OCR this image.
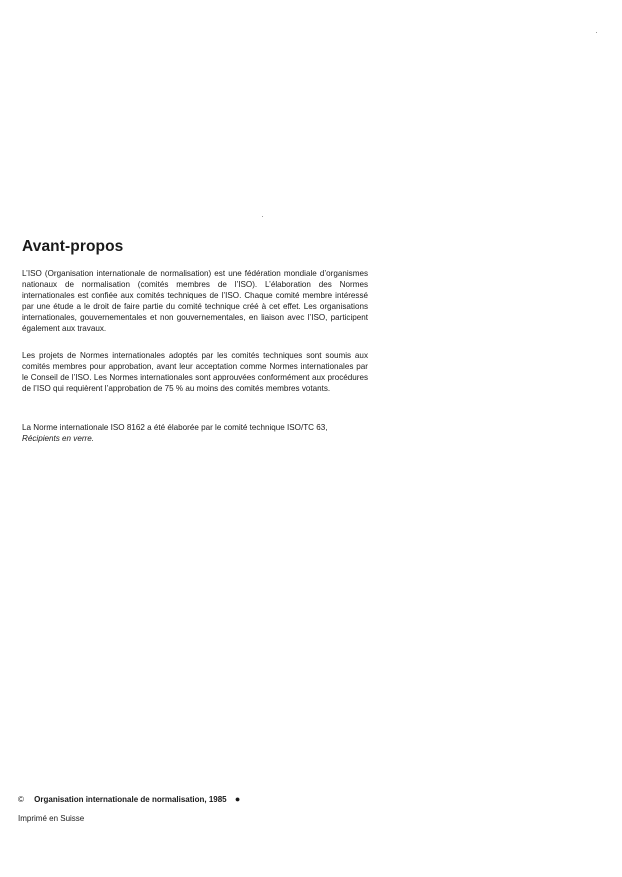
Avant-propos

L’ISO (Organisation internationale de normalisation) est une fédération mondiale d’organismes nationaux de normalisation (comités membres de l’ISO). L’élaboration des Normes internationales est confiée aux comités techniques de l’ISO. Chaque comité membre intéressé par une étude a le droit de faire partie du comité technique créé à cet effet. Les organisations internationales, gouvernementales et non gouvernementales, en liaison avec l’ISO, participent également aux travaux.

Les projets de Normes internationales adoptés par les comités techniques sont soumis aux comités membres pour approbation, avant leur acceptation comme Normes internationales par le Conseil de l’ISO. Les Normes internationales sont approuvées conformément aux procédures de l’ISO qui requièrent l’approbation de 75 % au moins des comités membres votants.

La Norme internationale ISO 8162 a été élaborée par le comité technique ISO/TC 63,
Récipients en verre.

© Organisation internationale de normalisation, 1985 ●
Imprimé en Suisse
